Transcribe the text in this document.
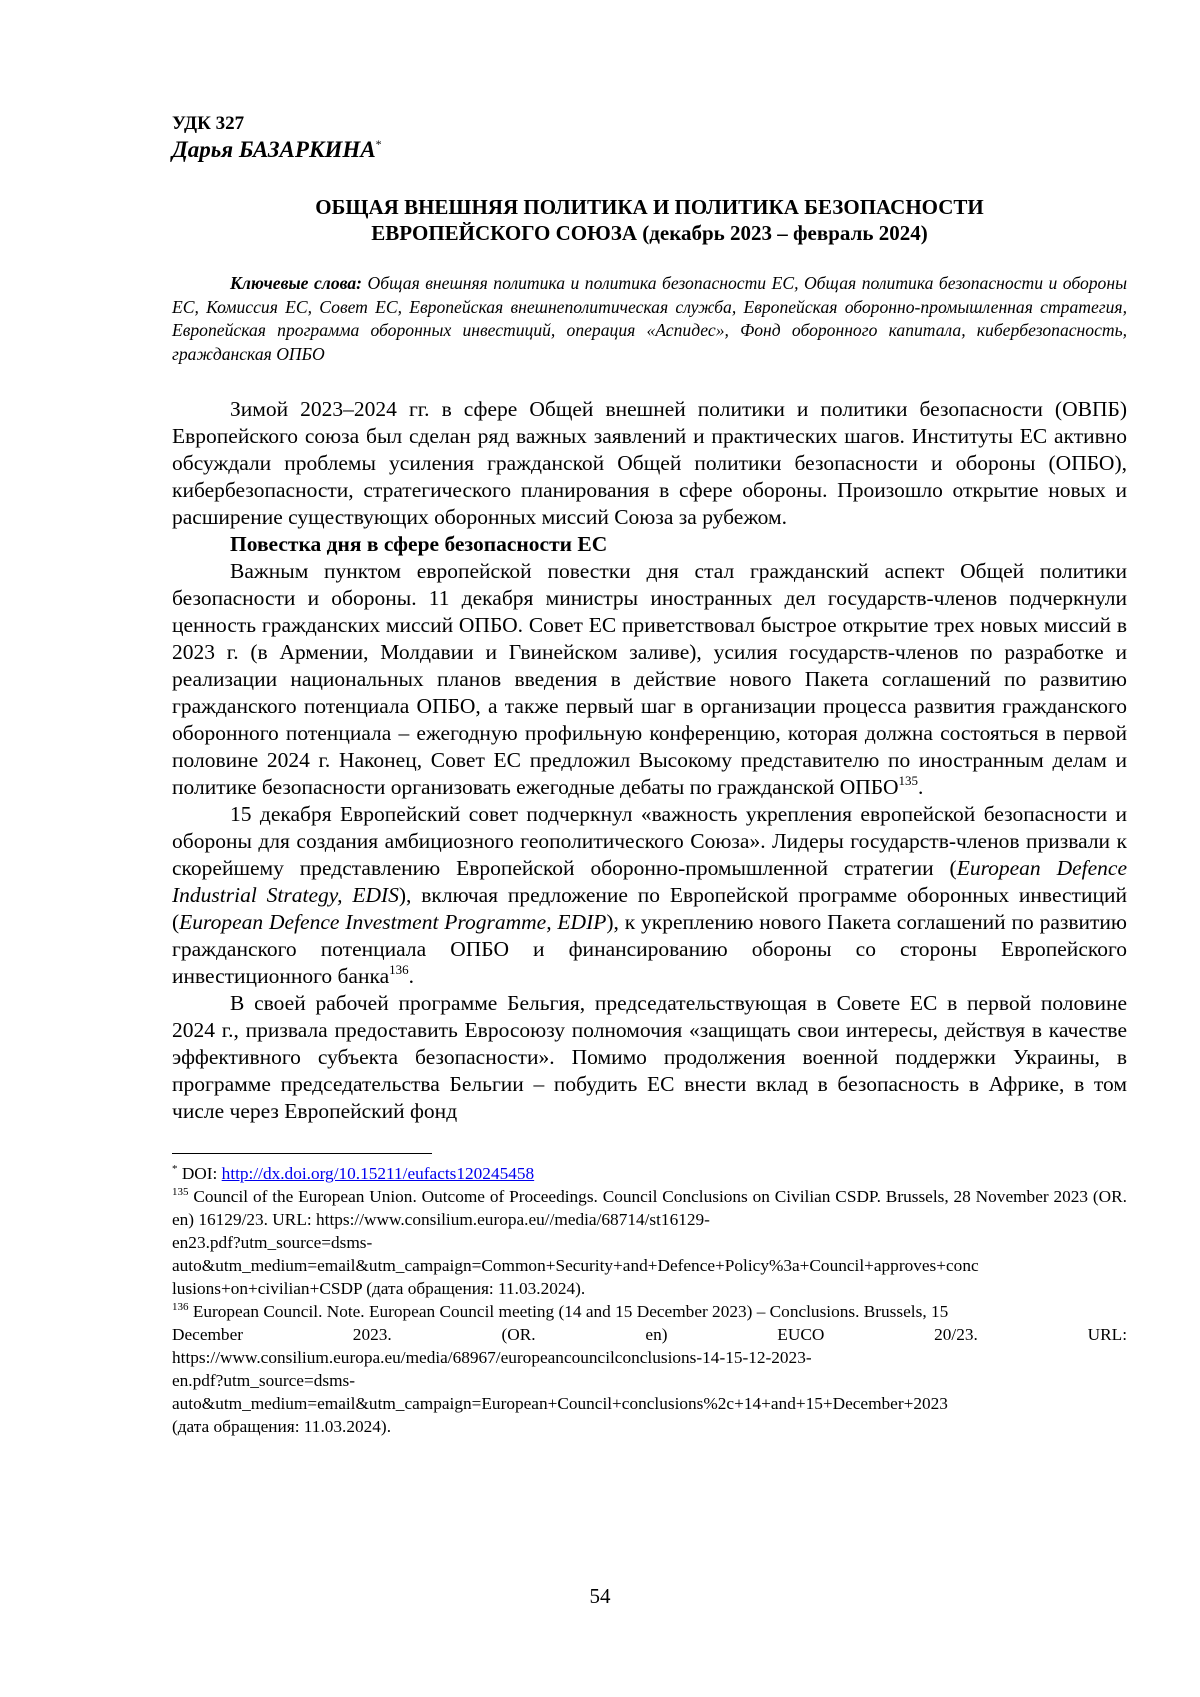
УДК 327

Дарья БАЗАРКИНА*

ОБЩАЯ ВНЕШНЯЯ ПОЛИТИКА И ПОЛИТИКА БЕЗОПАСНОСТИ
ЕВРОПЕЙСКОГО СОЮЗА (декабрь 2023 – февраль 2024)

Ключевые слова: Общая внешняя политика и политика безопасности ЕС, Общая политика безопасности и обороны ЕС, Комиссия ЕС, Совет ЕС, Европейская внешнеполитическая служба, Европейская оборонно-промышленная стратегия, Европейская программа оборонных инвестиций, операция «Аспидес», Фонд оборонного капитала, кибербезопасность, гражданская ОПБО

Зимой 2023–2024 гг. в сфере Общей внешней политики и политики безопасности (ОВПБ) Европейского союза был сделан ряд важных заявлений и практических шагов. Институты ЕС активно обсуждали проблемы усиления гражданской Общей политики безопасности и обороны (ОПБО), кибербезопасности, стратегического планирования в сфере обороны. Произошло открытие новых и расширение существующих оборонных миссий Союза за рубежом.

Повестка дня в сфере безопасности ЕС

Важным пунктом европейской повестки дня стал гражданский аспект Общей политики безопасности и обороны. 11 декабря министры иностранных дел государств-членов подчеркнули ценность гражданских миссий ОПБО. Совет ЕС приветствовал быстрое открытие трех новых миссий в 2023 г. (в Армении, Молдавии и Гвинейском заливе), усилия государств-членов по разработке и реализации национальных планов введения в действие нового Пакета соглашений по развитию гражданского потенциала ОПБО, а также первый шаг в организации процесса развития гражданского оборонного потенциала – ежегодную профильную конференцию, которая должна состояться в первой половине 2024 г. Наконец, Совет ЕС предложил Высокому представителю по иностранным делам и политике безопасности организовать ежегодные дебаты по гражданской ОПБО$^{135}$.

15 декабря Европейский совет подчеркнул «важность укрепления европейской безопасности и обороны для создания амбициозного геополитического Союза». Лидеры государств-членов призвали к скорейшему представлению Европейской оборонно-промышленной стратегии (European Defence Industrial Strategy, EDIS), включая предложение по Европейской программе оборонных инвестиций (European Defence Investment Programme, EDIP), к укреплению нового Пакета соглашений по развитию гражданского потенциала ОПБО и финансированию обороны со стороны Европейского инвестиционного банка$^{136}$.

В своей рабочей программе Бельгия, председательствующая в Совете ЕС в первой половине 2024 г., призвала предоставить Евросоюзу полномочия «защищать свои интересы, действуя в качестве эффективного субъекта безопасности». Помимо продолжения военной поддержки Украины, в программе председательства Бельгии – побудить ЕС внести вклад в безопасность в Африке, в том числе через Европейский фонд

* DOI: http://dx.doi.org/10.15211/eufacts120245458
$^{135}$ Council of the European Union. Outcome of Proceedings. Council Conclusions on Civilian CSDP. Brussels, 28 November 2023 (OR. en) 16129/23. URL: https://www.consilium.europa.eu//media/68714/st16129-
en23.pdf?utm_source=dsms-
auto&utm_medium=email&utm_campaign=Common+Security+and+Defence+Policy%3a+Council+approves+conc
lusions+on+civilian+CSDP (дата обращения: 11.03.2024).
$^{136}$ European Council. Note. European Council meeting (14 and 15 December 2023) – Conclusions. Brussels, 15
December 2023. (OR. en) EUCO 20/23. URL:
https://www.consilium.europa.eu/media/68967/europeancouncilconclusions-14-15-12-2023-
en.pdf?utm_source=dsms-
auto&utm_medium=email&utm_campaign=European+Council+conclusions%2c+14+and+15+December+2023
(дата обращения: 11.03.2024).
54
